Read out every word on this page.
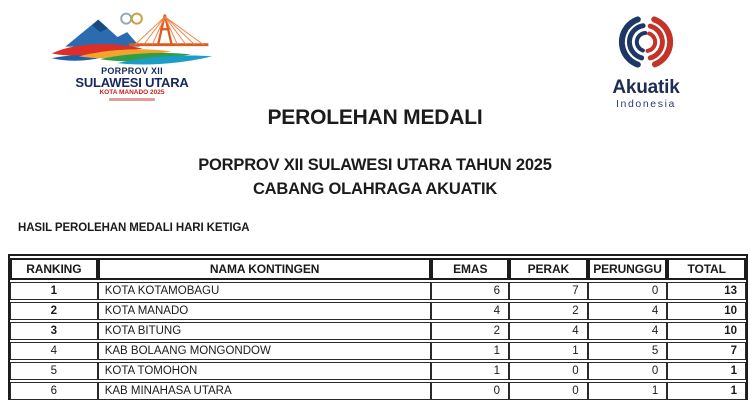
PORPROV XII
SULAWESI UTARA
KOTA MANADO 2025	Akuatik
Indonesia
PEROLEHAN MEDALI
PORPROV XII SULAWESI UTARA TAHUN 2025
CABANG OLAHRAGA AKUATIK
HASIL PEROLEHAN MEDALI HARI KETIGA
RANKING	NAMA KONTINGEN	EMAS	PERAK	PERUNGGU	TOTAL
1	KOTA KOTAMOBAGU	6	7	0	13
2	KOTA MANADO	4	2	4	10
3	KOTA BITUNG	2	4	4	10
4	KAB BOLAANG MONGONDOW	1	1	5	7
5	KOTA TOMOHON	1	0	0	1
6	KAB MINAHASA UTARA	0	0	1	1
